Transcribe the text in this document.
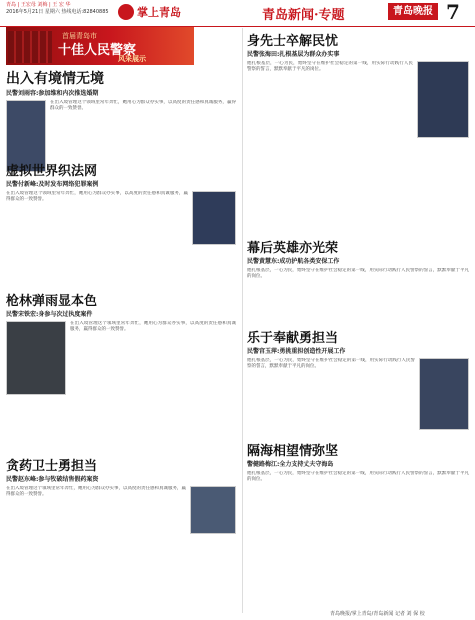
青岛 | 王宏母 刘梅 | 王 宏 华
2016年5月21日 星期六 热线电话:82840885	掌上青岛	青岛新闻·专题	青岛晚报 7
首届青岛市
十佳人民警察
风采展示
出入有境情无境
民警刘雨容:参加维和内次推选婚期
在出入境管理这个领域里常年奔忙，她用心为群众办实事，以高度的责任感和真诚服务，赢得群众的一致赞誉。
虚拟世界织法网
民警付新峰:及时发布网络犯罪案例
在出入境管理这个领域里常年奔忙，她用心为群众办实事，以高度的责任感和真诚服务，赢得群众的一致赞誉。
枪林弹雨显本色
民警宋铁宏:身参与次过执度案件
在出入境管理这个领域里常年奔忙，她用心为群众办实事，以高度的责任感和真诚服务，赢得群众的一致赞誉。
贪药卫士勇担当
民警赵东峰:参与牧破结售假药案资
在出入境管理这个领域里常年奔忙，她用心为群众办实事，以高度的责任感和真诚服务，赢得群众的一致赞誉。
身先士卒解民忧
民警张海田:扎根基层为群众办实事
他扎根基层，一心为民，始终坚守在维护社会稳定的第一线，用实际行动践行人民警察的誓言，默默奉献于平凡的岗位。
幕后英雄亦光荣
民警黄慧东:成功护航各类安保工作
他扎根基层，一心为民，始终坚守在维护社会稳定的第一线，用实际行动践行人民警察的誓言，默默奉献于平凡的岗位。
乐于奉献勇担当
民警宫玉萍:勇挑重担创造性开展工作
他扎根基层，一心为民，始终坚守在维护社会稳定的第一线，用实际行动践行人民警察的誓言，默默奉献于平凡的岗位。
隔海相望情弥坚
警健路梅江:全力支持丈夫守海岛
他扎根基层，一心为民，始终坚守在维护社会稳定的第一线，用实际行动践行人民警察的誓言，默默奉献于平凡的岗位。
青岛晚报/掌上青岛/青岛新闻 记者 刘 保 校
